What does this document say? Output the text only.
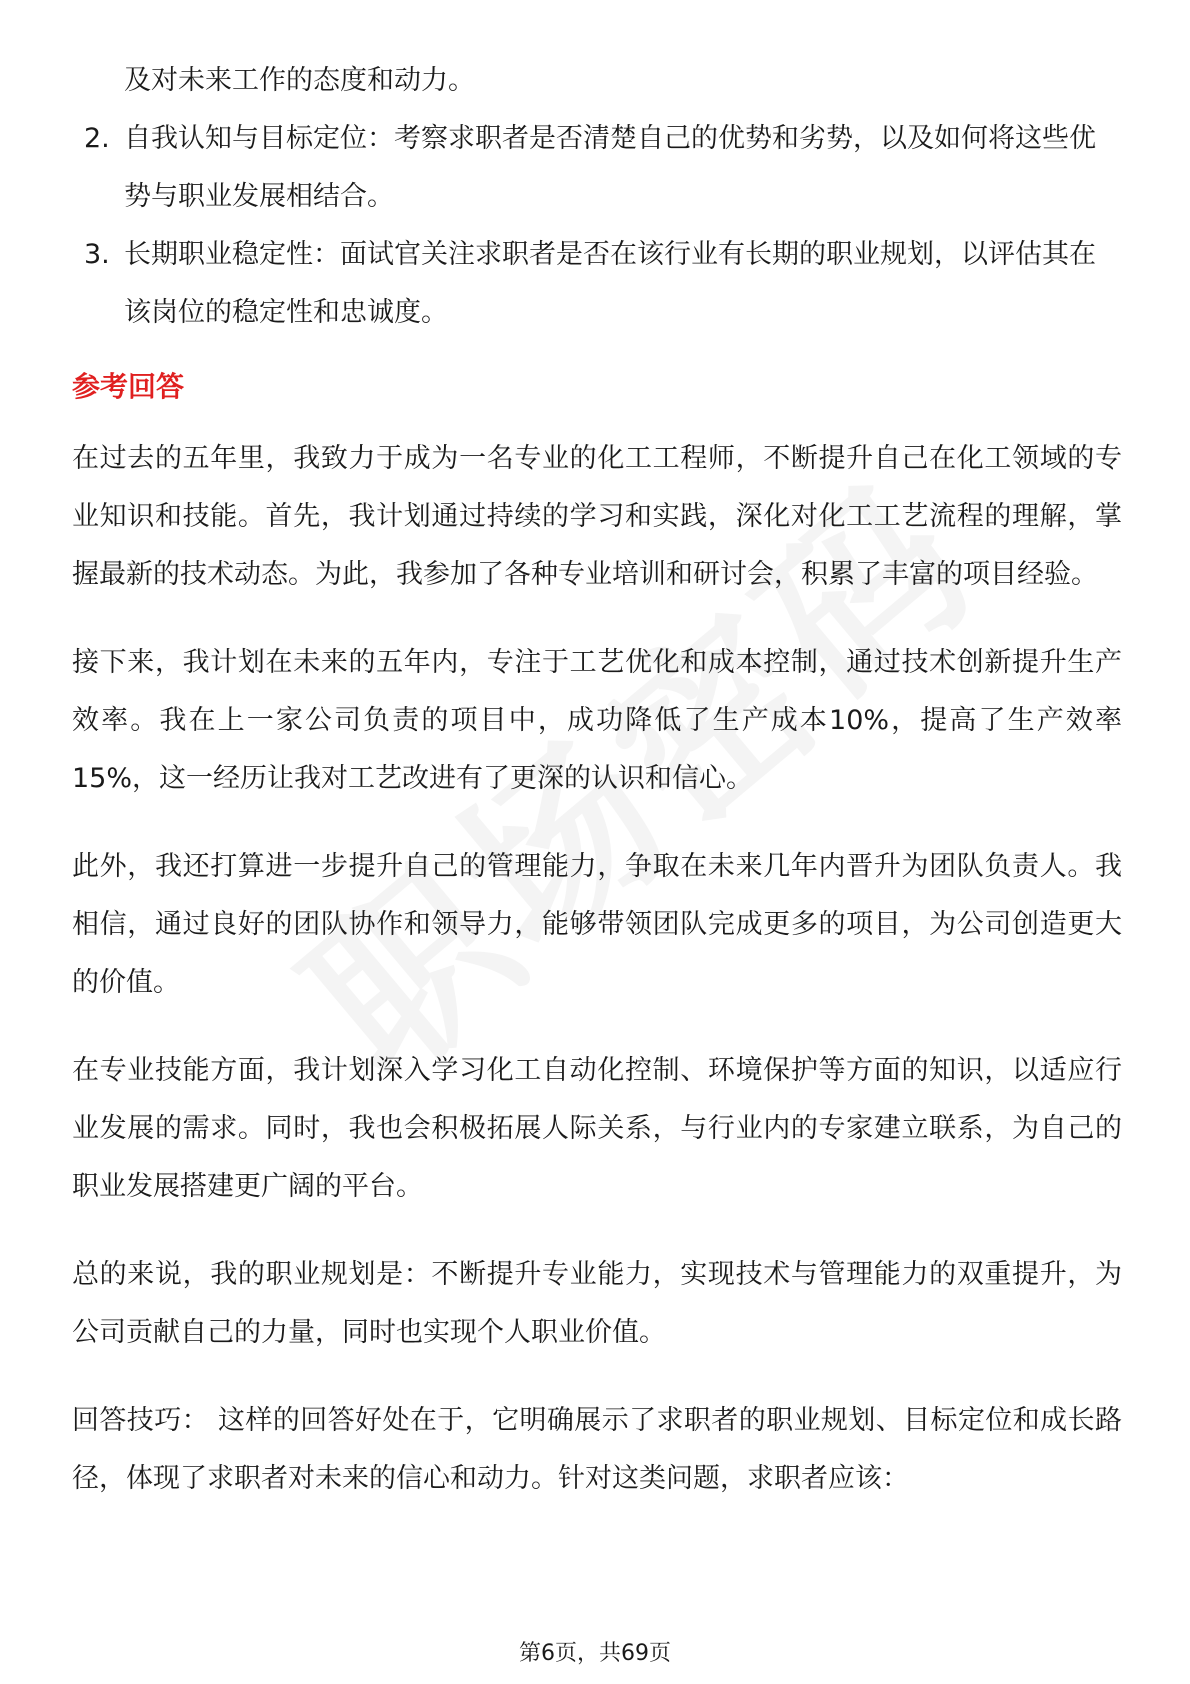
及对未来工作的态度和动力。

2. 自我认知与目标定位：考察求职者是否清楚自己的优势和劣势，以及如何将这些优势与职业发展相结合。
3. 长期职业稳定性：面试官关注求职者是否在该行业有长期的职业规划，以评估其在该岗位的稳定性和忠诚度。
参考回答

在过去的五年里，我致力于成为一名专业的化工工程师，不断提升自己在化工领域的专业知识和技能。首先，我计划通过持续的学习和实践，深化对化工工艺流程的理解，掌握最新的技术动态。为此，我参加了各种专业培训和研讨会，积累了丰富的项目经验。

接下来，我计划在未来的五年内，专注于工艺优化和成本控制，通过技术创新提升生产效率。我在上一家公司负责的项目中，成功降低了生产成本10%，提高了生产效率15%，这一经历让我对工艺改进有了更深的认识和信心。

此外，我还打算进一步提升自己的管理能力，争取在未来几年内晋升为团队负责人。我相信，通过良好的团队协作和领导力，能够带领团队完成更多的项目，为公司创造更大的价值。

在专业技能方面，我计划深入学习化工自动化控制、环境保护等方面的知识，以适应行业发展的需求。同时，我也会积极拓展人际关系，与行业内的专家建立联系，为自己的职业发展搭建更广阔的平台。

总的来说，我的职业规划是：不断提升专业能力，实现技术与管理能力的双重提升，为公司贡献自己的力量，同时也实现个人职业价值。

回答技巧： 这样的回答好处在于，它明确展示了求职者的职业规划、目标定位和成长路径，体现了求职者对未来的信心和动力。针对这类问题，求职者应该：

第6页，共69页
